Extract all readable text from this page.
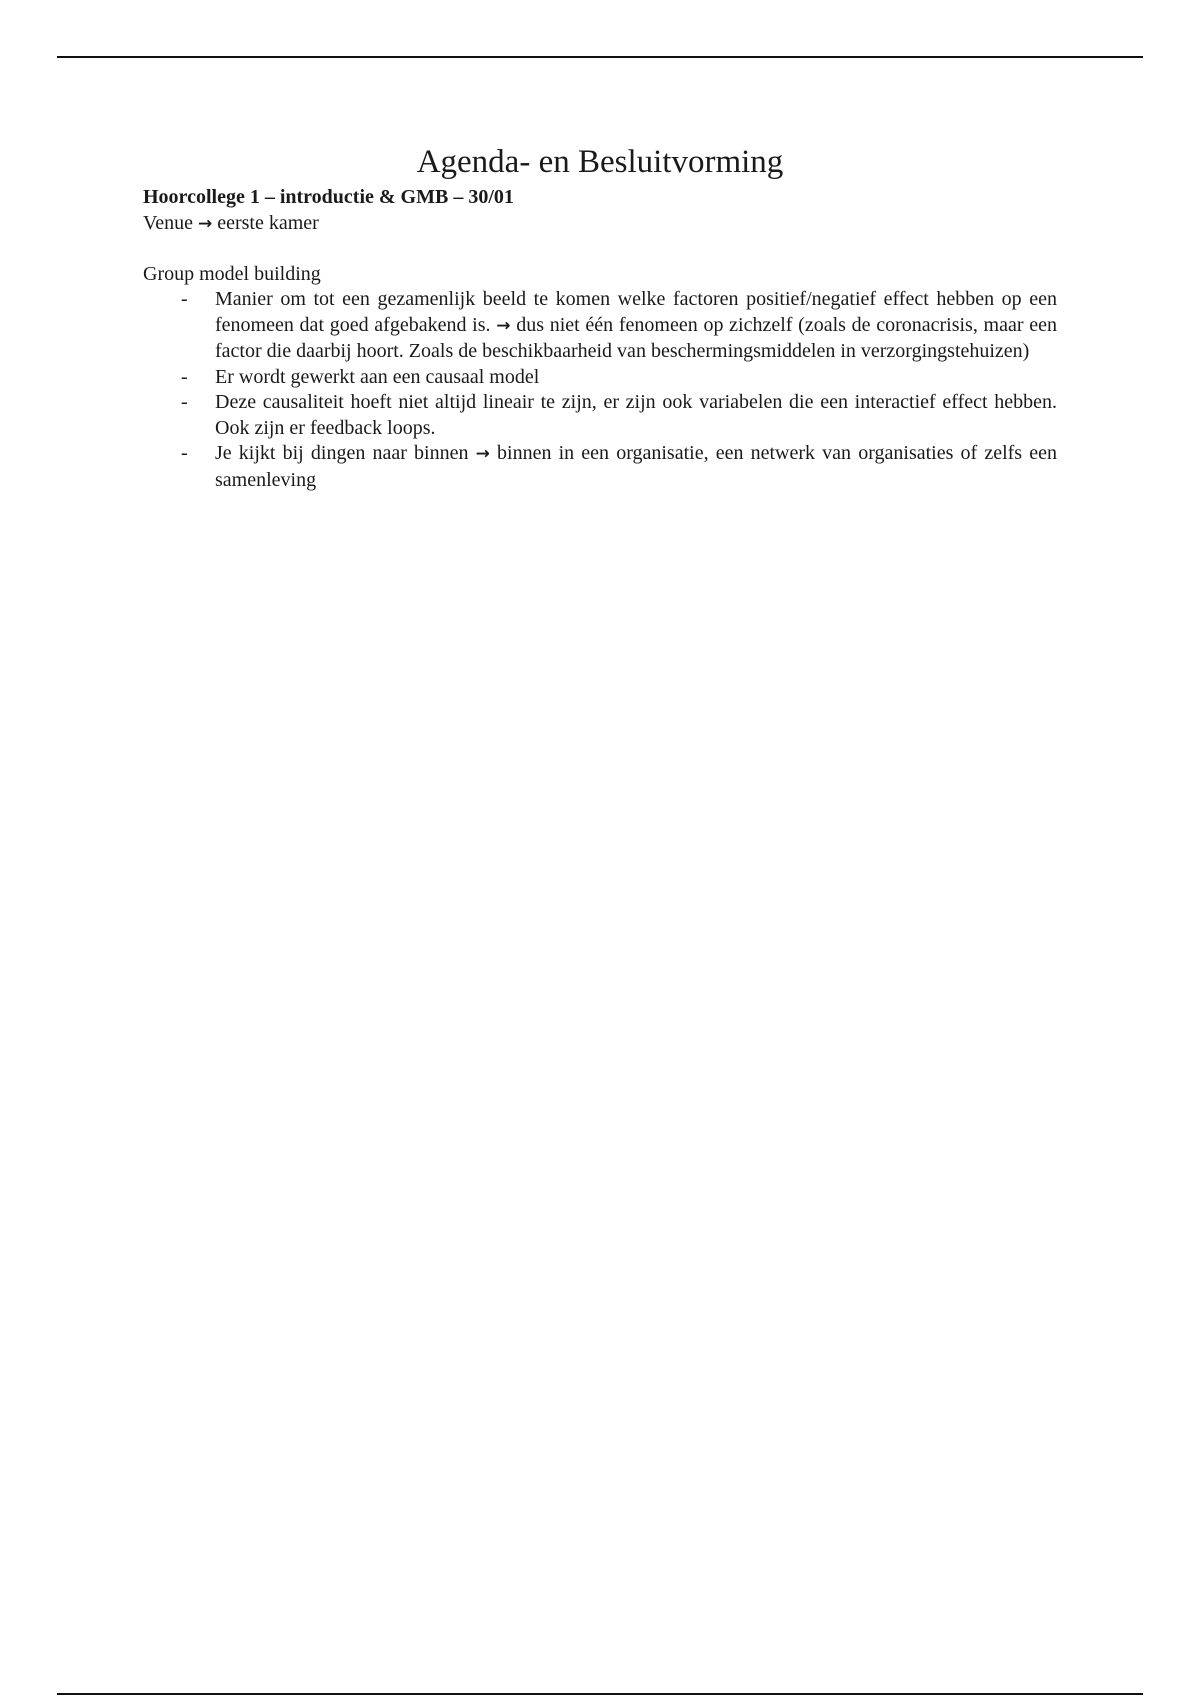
Agenda- en Besluitvorming

Hoorcollege 1 – introductie & GMB – 30/01

Venue → eerste kamer

Group model building

-	Manier om tot een gezamenlijk beeld te komen welke factoren positief/negatief effect hebben op een fenomeen dat goed afgebakend is. → dus niet één fenomeen op zichzelf (zoals de coronacrisis, maar een factor die daarbij hoort. Zoals de beschikbaarheid van beschermingsmiddelen in verzorgingstehuizen)
-	Er wordt gewerkt aan een causaal model
-	Deze causaliteit hoeft niet altijd lineair te zijn, er zijn ook variabelen die een interactief effect hebben. Ook zijn er feedback loops.
-	Je kijkt bij dingen naar binnen → binnen in een organisatie, een netwerk van organisaties of zelfs een samenleving
